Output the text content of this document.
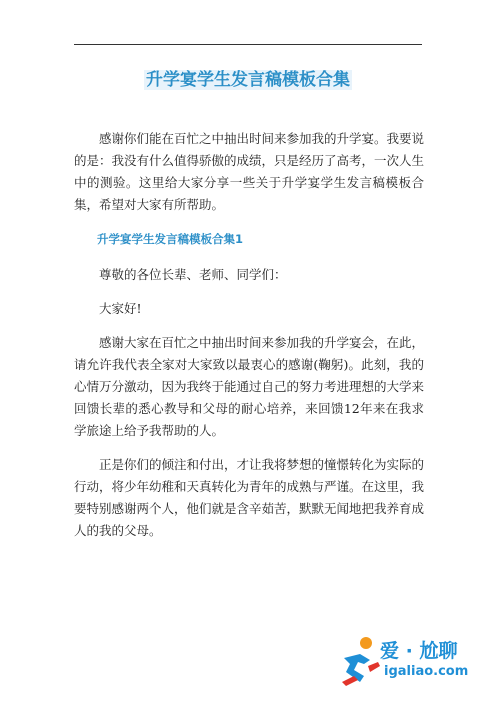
升学宴学生发言稿模板合集

感谢你们能在百忙之中抽出时间来参加我的升学宴。我要说的是：我没有什么值得骄傲的成绩，只是经历了高考，一次人生中的测验。这里给大家分享一些关于升学宴学生发言稿模板合集，希望对大家有所帮助。

升学宴学生发言稿模板合集1

尊敬的各位长辈、老师、同学们：

大家好!

感谢大家在百忙之中抽出时间来参加我的升学宴会，在此，请允许我代表全家对大家致以最衷心的感谢(鞠躬)。此刻，我的心情万分激动，因为我终于能通过自己的努力考进理想的大学来回馈长辈的悉心教导和父母的耐心培养，来回馈12年来在我求学旅途上给予我帮助的人。

正是你们的倾注和付出，才让我将梦想的憧憬转化为实际的行动，将少年幼稚和天真转化为青年的成熟与严谨。在这里，我要特别感谢两个人，他们就是含辛茹苦，默默无闻地把我养育成人的我的父母。

爱 · 尬聊
igaliao.com
